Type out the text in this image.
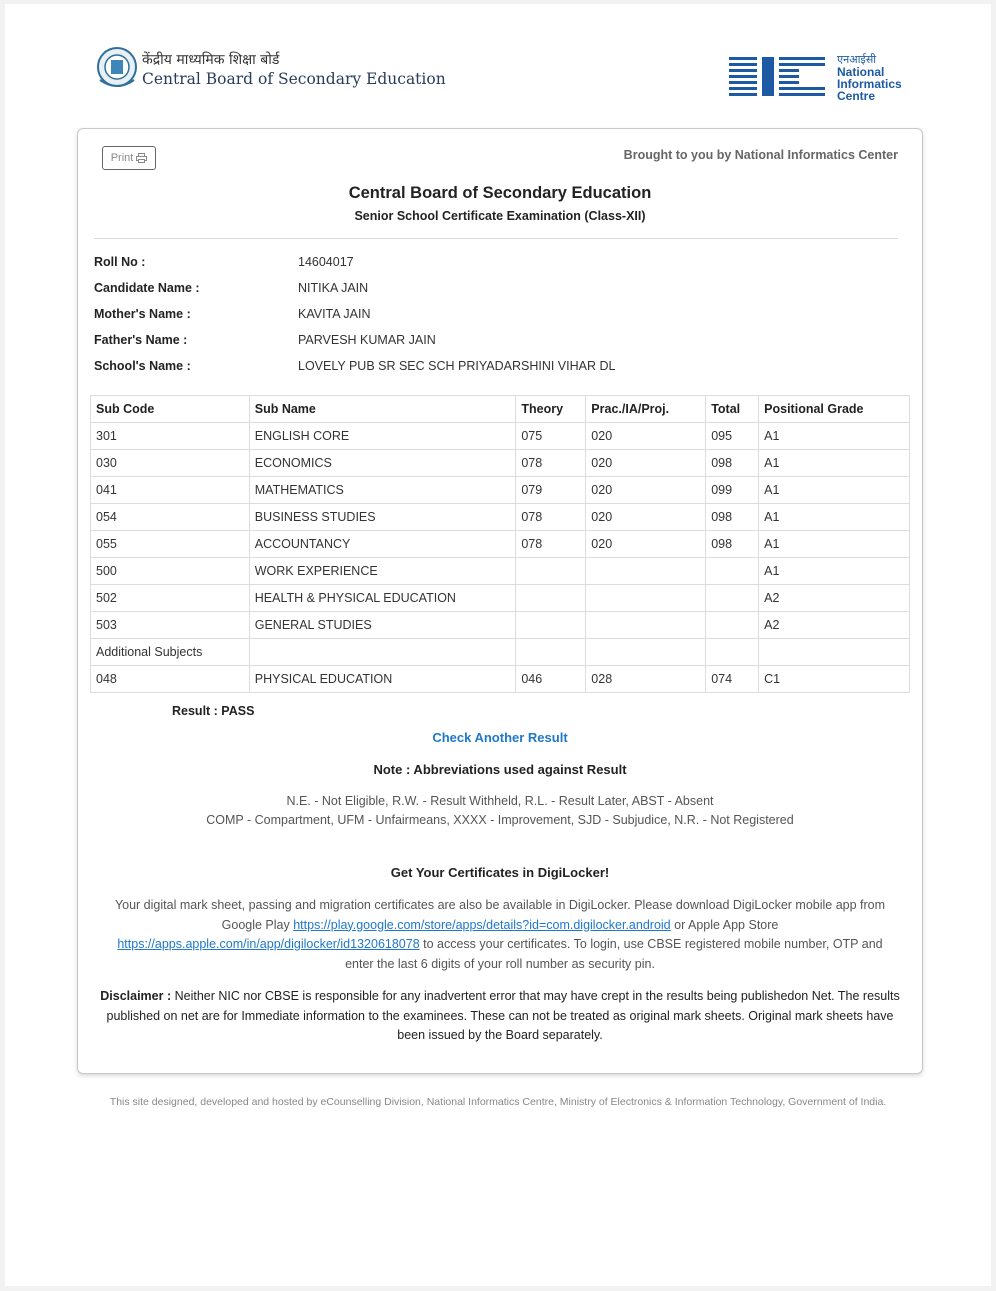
केंद्रीय माध्यमिक शिक्षा बोर्ड
Central Board of Secondary Education
एनआईसी
National
Informatics
Centre
Print	Brought to you by National Informatics Center
Central Board of Secondary Education
Senior School Certificate Examination (Class-XII)
Roll No :	14604017
Candidate Name :	NITIKA JAIN
Mother's Name :	KAVITA JAIN
Father's Name :	PARVESH KUMAR JAIN
School's Name :	LOVELY PUB SR SEC SCH PRIYADARSHINI VIHAR DL
Sub Code	Sub Name	Theory	Prac./IA/Proj.	Total	Positional Grade
301	ENGLISH CORE	075	020	095	A1
030	ECONOMICS	078	020	098	A1
041	MATHEMATICS	079	020	099	A1
054	BUSINESS STUDIES	078	020	098	A1
055	ACCOUNTANCY	078	020	098	A1
500	WORK EXPERIENCE				A1
502	HEALTH & PHYSICAL EDUCATION				A2
503	GENERAL STUDIES				A2
Additional Subjects					
048	PHYSICAL EDUCATION	046	028	074	C1
Result : PASS
Check Another Result
Note : Abbreviations used against Result
N.E. - Not Eligible, R.W. - Result Withheld, R.L. - Result Later, ABST - Absent
COMP - Compartment, UFM - Unfairmeans, XXXX - Improvement, SJD - Subjudice, N.R. - Not Registered
Get Your Certificates in DigiLocker!
Your digital mark sheet, passing and migration certificates are also be available in DigiLocker. Please download DigiLocker mobile app from Google Play https://play.google.com/store/apps/details?id=com.digilocker.android or Apple App Store https://apps.apple.com/in/app/digilocker/id1320618078 to access your certificates. To login, use CBSE registered mobile number, OTP and enter the last 6 digits of your roll number as security pin.
Disclaimer : Neither NIC nor CBSE is responsible for any inadvertent error that may have crept in the results being publishedon Net. The results published on net are for Immediate information to the examinees. These can not be treated as original mark sheets. Original mark sheets have been issued by the Board separately.
This site designed, developed and hosted by eCounselling Division, National Informatics Centre, Ministry of Electronics & Information Technology, Government of India.
